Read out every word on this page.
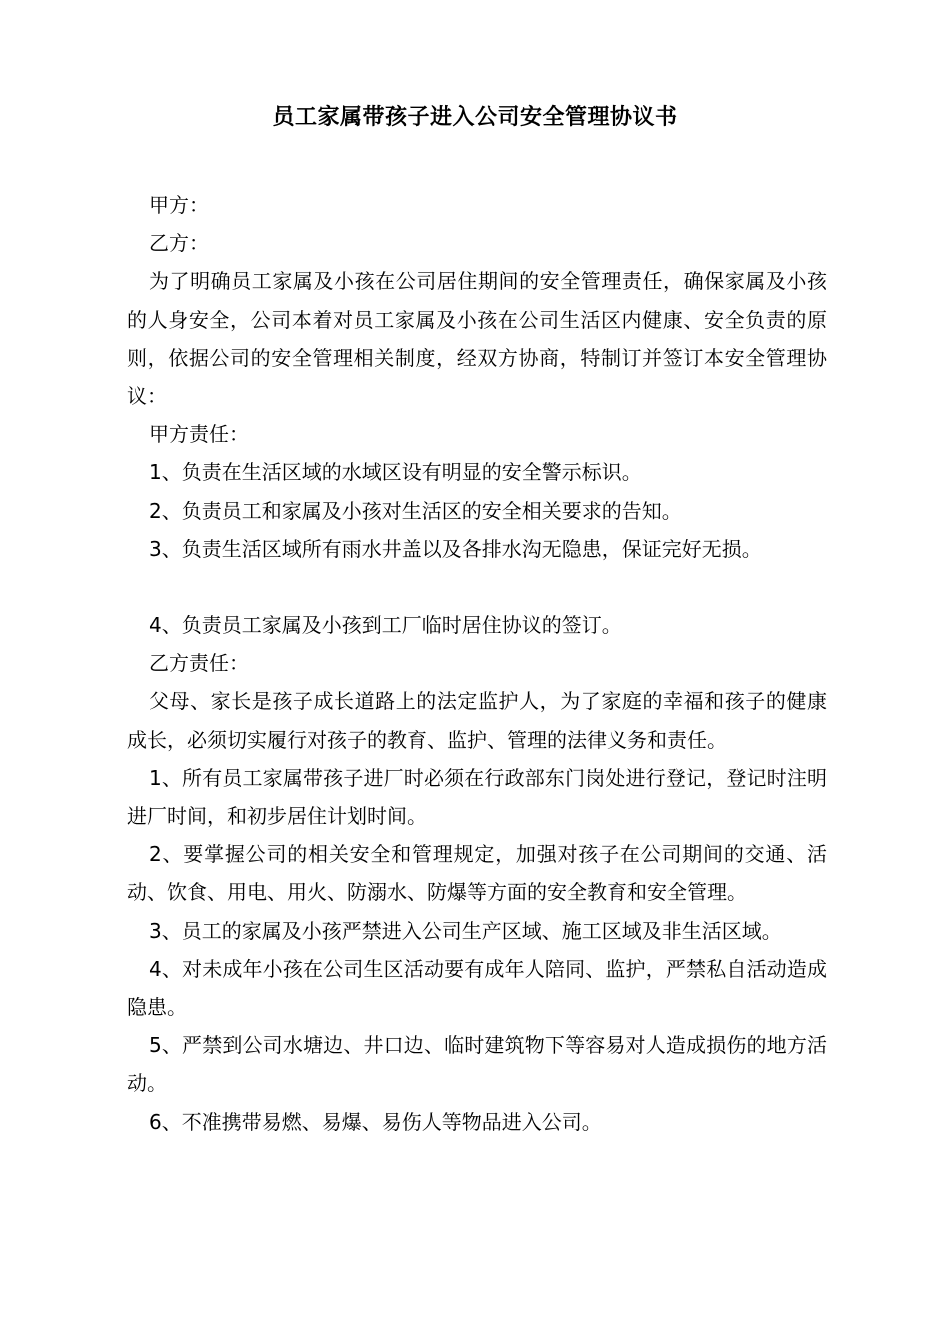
员工家属带孩子进入公司安全管理协议书

甲方：

乙方：

为了明确员工家属及小孩在公司居住期间的安全管理责任，确保家属及小孩的人身安全，公司本着对员工家属及小孩在公司生活区内健康、安全负责的原则，依据公司的安全管理相关制度，经双方协商，特制订并签订本安全管理协议：

甲方责任：

1、负责在生活区域的水域区设有明显的安全警示标识。

2、负责员工和家属及小孩对生活区的安全相关要求的告知。

3、负责生活区域所有雨水井盖以及各排水沟无隐患，保证完好无损。

4、负责员工家属及小孩到工厂临时居住协议的签订。

乙方责任：

父母、家长是孩子成长道路上的法定监护人，为了家庭的幸福和孩子的健康成长，必须切实履行对孩子的教育、监护、管理的法律义务和责任。

1、所有员工家属带孩子进厂时必须在行政部东门岗处进行登记，登记时注明进厂时间，和初步居住计划时间。

2、要掌握公司的相关安全和管理规定，加强对孩子在公司期间的交通、活动、饮食、用电、用火、防溺水、防爆等方面的安全教育和安全管理。

3、员工的家属及小孩严禁进入公司生产区域、施工区域及非生活区域。

4、对未成年小孩在公司生区活动要有成年人陪同、监护，严禁私自活动造成隐患。

5、严禁到公司水塘边、井口边、临时建筑物下等容易对人造成损伤的地方活动。

6、不准携带易燃、易爆、易伤人等物品进入公司。
